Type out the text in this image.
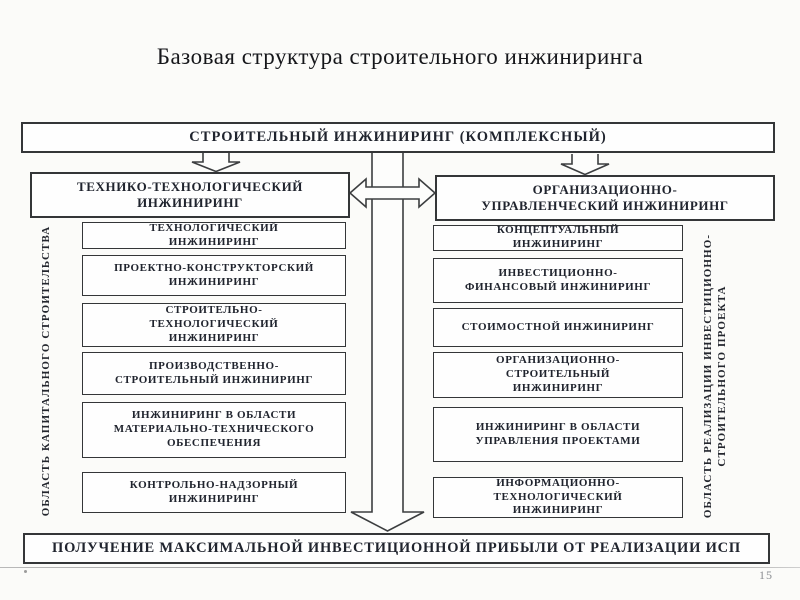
Базовая структура строительного инжиниринга
СТРОИТЕЛЬНЫЙ ИНЖИНИРИНГ (КОМПЛЕКСНЫЙ)
ТЕХНИКО-ТЕХНОЛОГИЧЕСКИЙ ИНЖИНИРИНГ
ОРГАНИЗАЦИОННО-УПРАВЛЕНЧЕСКИЙ ИНЖИНИРИНГ
ТЕХНОЛОГИЧЕСКИЙ ИНЖИНИРИНГ
ПРОЕКТНО-КОНСТРУКТОРСКИЙ ИНЖИНИРИНГ
СТРОИТЕЛЬНО-ТЕХНОЛОГИЧЕСКИЙ ИНЖИНИРИНГ
ПРОИЗВОДСТВЕННО-СТРОИТЕЛЬНЫЙ ИНЖИНИРИНГ
ИНЖИНИРИНГ В ОБЛАСТИ МАТЕРИАЛЬНО-ТЕХНИЧЕСКОГО ОБЕСПЕЧЕНИЯ
КОНТРОЛЬНО-НАДЗОРНЫЙ ИНЖИНИРИНГ
КОНЦЕПТУАЛЬНЫЙ ИНЖИНИРИНГ
ИНВЕСТИЦИОННО-ФИНАНСОВЫЙ ИНЖИНИРИНГ
СТОИМОСТНОЙ ИНЖИНИРИНГ
ОРГАНИЗАЦИОННО-СТРОИТЕЛЬНЫЙ ИНЖИНИРИНГ
ИНЖИНИРИНГ В ОБЛАСТИ УПРАВЛЕНИЯ ПРОЕКТАМИ
ИНФОРМАЦИОННО-ТЕХНОЛОГИЧЕСКИЙ ИНЖИНИРИНГ
ОБЛАСТЬ КАПИТАЛЬНОГО СТРОИТЕЛЬСТВА	ОБЛАСТЬ РЕАЛИЗАЦИИ ИНВЕСТИЦИОННО- СТРОИТЕЛЬНОГО ПРОЕКТА
ПОЛУЧЕНИЕ МАКСИМАЛЬНОЙ ИНВЕСТИЦИОННОЙ ПРИБЫЛИ ОТ РЕАЛИЗАЦИИ ИСП
15
